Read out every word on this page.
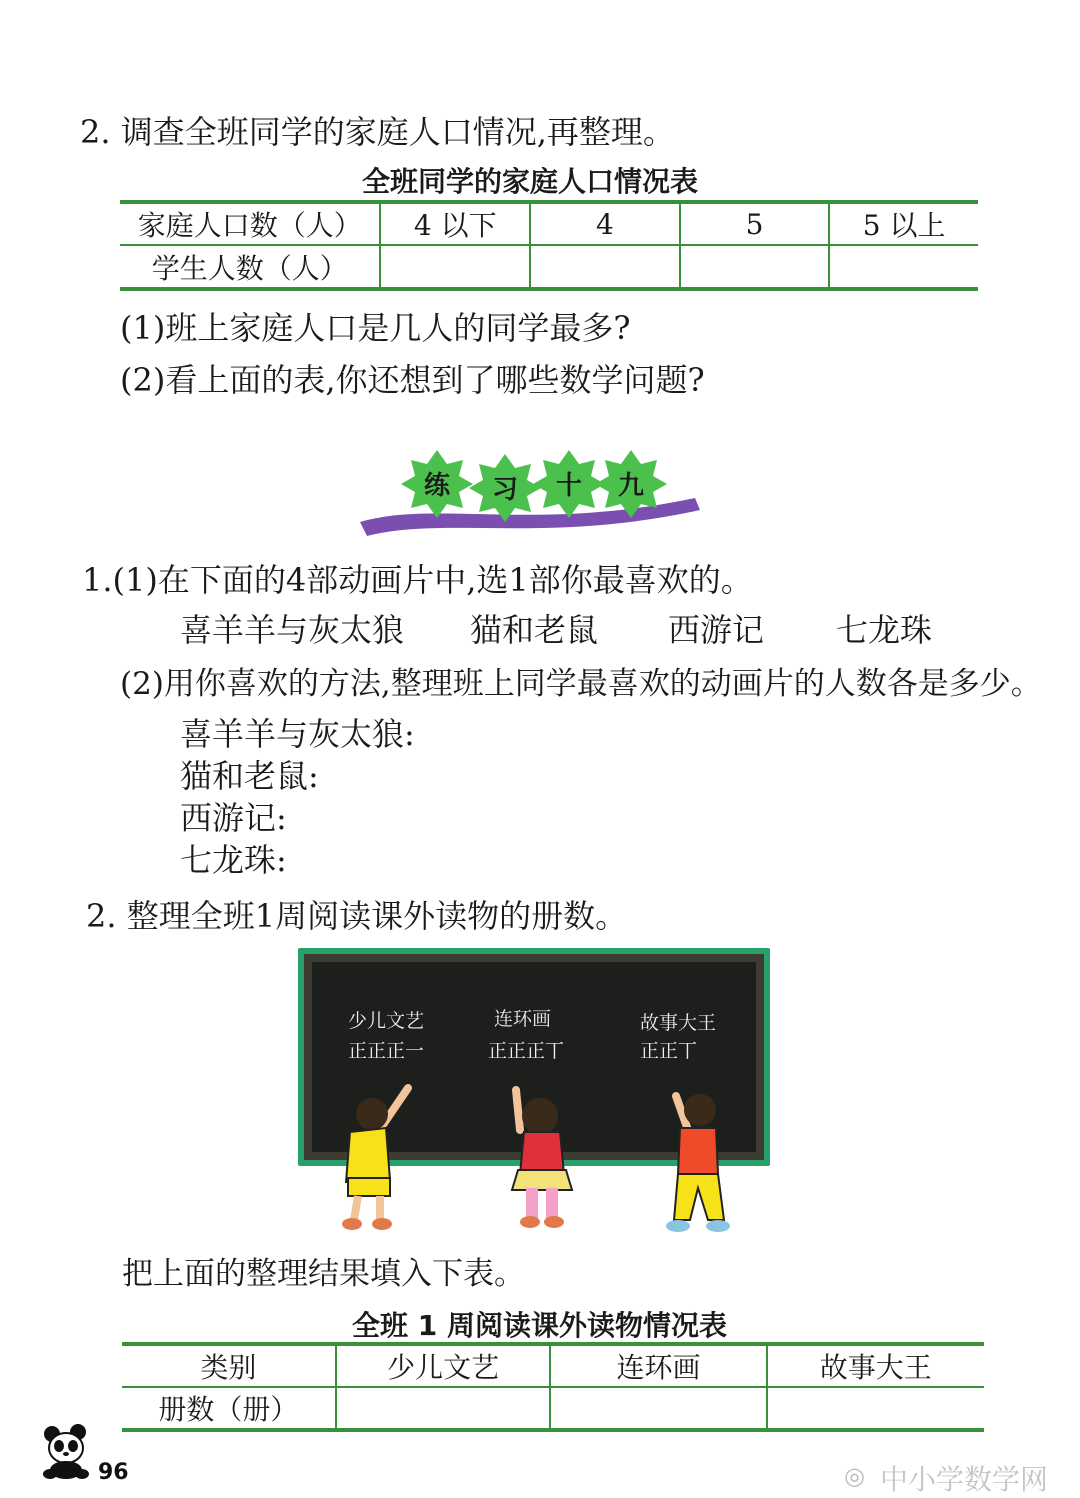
2. 调查全班同学的家庭人口情况,再整理。
全班同学的家庭人口情况表
家庭人口数（人）	4 以下	4	5	5 以上
学生人数（人）				
(1)班上家庭人口是几人的同学最多?
(2)看上面的表,你还想到了哪些数学问题?
练 习 十 九
1.(1)在下面的4部动画片中,选1部你最喜欢的。
喜羊羊与灰太狼 猫和老鼠 西游记 七龙珠
(2)用你喜欢的方法,整理班上同学最喜欢的动画片的人数各是多少。
喜羊羊与灰太狼:
猫和老鼠:
西游记:
七龙珠:
2. 整理全班1周阅读课外读物的册数。
少儿文艺
正正正一
连环画
正正正丅
故事大王
正正丅
把上面的整理结果填入下表。
全班 1 周阅读课外读物情况表
类别	少儿文艺	连环画	故事大王
册数（册）			
96	◎ 中小学数学网
